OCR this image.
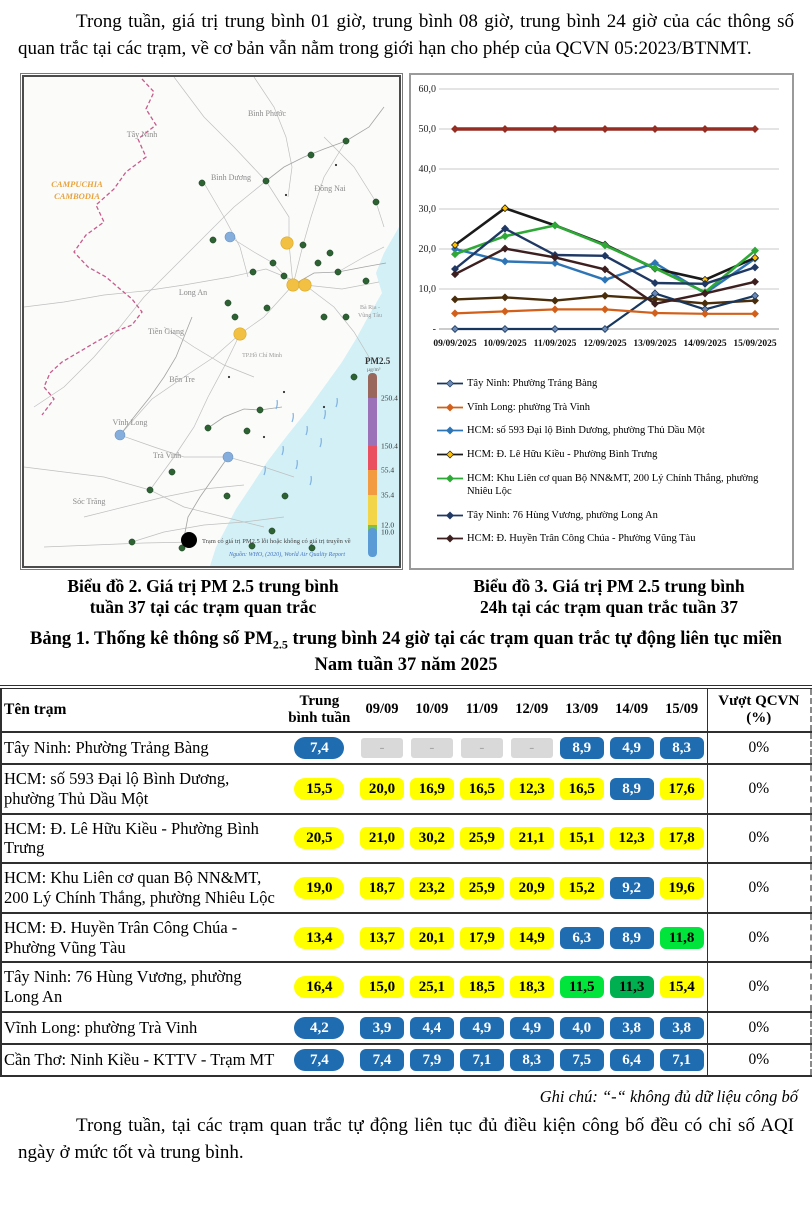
Trong tuần, giá trị trung bình 01 giờ, trung bình 08 giờ, trung bình 24 giờ của các thông số quan trắc tại các trạm, về cơ bản vẫn nằm trong giới hạn cho phép của QCVN 05:2023/BTNMT.

Bình Phước
Tây Ninh
CAMPUCHIA
CAMBODIA
Bình Dương
Đồng Nai
Long An
TP.Hồ Chí Minh
Bà Rịa -
Vũng Tàu
Tiền Giang
Bến Tre
Vĩnh Long
Trà Vinh
Sóc Trăng
250.4
150.4
55.4
35.4
12.0
10.0
PM2.5
µg/m³
Trạm có giá trị PM2.5 lỗi hoặc không có giá trị truyền về
Nguồn: WHO, (2020), World Air Quality Report
-
10,0
20,0
30,0
40,0
50,0
60,0
09/09/2025 10/09/2025 11/09/2025 12/09/2025 13/09/2025 14/09/2025 15/09/2025
Tây Ninh: Phường Trảng Bàng
Vĩnh Long: phường Trà Vinh
HCM: số 593 Đại lộ Bình Dương, phường Thủ Dầu Một
HCM: Đ. Lê Hữu Kiều - Phường Bình Trưng
HCM: Khu Liên cơ quan Bộ NN&MT, 200 Lý Chính Thắng, phường Nhiêu Lộc
Tây Ninh: 76 Hùng Vương, phường Long An
HCM: Đ. Huyền Trân Công Chúa - Phường Vũng Tàu
Biểu đồ 2. Giá trị PM 2.5 trung bình
tuần 37 tại các trạm quan trắc
Biểu đồ 3. Giá trị PM 2.5 trung bình
24h tại các trạm quan trắc tuần 37
Bảng 1. Thống kê thông số $PM_{2.5}$ trung bình 24 giờ tại các trạm quan trắc tự động liên tục miền Nam tuần 37 năm 2025
Tên trạm	Trung bình tuần	09/09	10/09	11/09	12/09	13/09	14/09	15/09	Vượt QCVN (%)
Tây Ninh: Phường Trảng Bàng	7,4	-	-	-	-	8,9	4,9	8,3	0%
HCM: số 593 Đại lộ Bình Dương, phường Thủ Dầu Một	15,5	20,0	16,9	16,5	12,3	16,5	8,9	17,6	0%
HCM: Đ. Lê Hữu Kiều - Phường Bình Trưng	20,5	21,0	30,2	25,9	21,1	15,1	12,3	17,8	0%
HCM: Khu Liên cơ quan Bộ NN&MT, 200 Lý Chính Thắng, phường Nhiêu Lộc	19,0	18,7	23,2	25,9	20,9	15,2	9,2	19,6	0%
HCM: Đ. Huyền Trân Công Chúa - Phường Vũng Tàu	13,4	13,7	20,1	17,9	14,9	6,3	8,9	11,8	0%
Tây Ninh: 76 Hùng Vương, phường Long An	16,4	15,0	25,1	18,5	18,3	11,5	11,3	15,4	0%
Vĩnh Long: phường Trà Vinh	4,2	3,9	4,4	4,9	4,9	4,0	3,8	3,8	0%
Cần Thơ: Ninh Kiều - KTTV - Trạm MT	7,4	7,4	7,9	7,1	8,3	7,5	6,4	7,1	0%
Ghi chú: “-“ không đủ dữ liệu công bố

Trong tuần, tại các trạm quan trắc tự động liên tục đủ điều kiện công bố đều có chỉ số AQI ngày ở mức tốt và trung bình.
